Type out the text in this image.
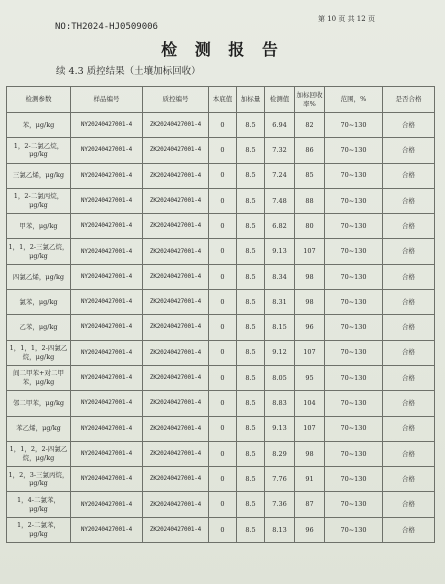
NO:TH2024-HJ0509006
第 10 页 共 12 页
检 测 报 告
续 4.3 质控结果（土壤加标回收）
检测参数	样品编号	质控编号	本底值	加标量	检测值	加标回收率%	范围，%	是否合格
苯，μg/kg	NY20240427001-4	ZK20240427001-4	0	8.5	6.94	82	70~130	合格
1，2-二氯乙烷，μg/kg	NY20240427001-4	ZK20240427001-4	0	8.5	7.32	86	70~130	合格
三氯乙烯，μg/kg	NY20240427001-4	ZK20240427001-4	0	8.5	7.24	85	70~130	合格
1，2-二氯丙烷，μg/kg	NY20240427001-4	ZK20240427001-4	0	8.5	7.48	88	70~130	合格
甲苯，μg/kg	NY20240427001-4	ZK20240427001-4	0	8.5	6.82	80	70~130	合格
1，1，2-三氯乙烷，μg/kg	NY20240427001-4	ZK20240427001-4	0	8.5	9.13	107	70~130	合格
四氯乙烯，μg/kg	NY20240427001-4	ZK20240427001-4	0	8.5	8.34	98	70~130	合格
氯苯，μg/kg	NY20240427001-4	ZK20240427001-4	0	8.5	8.31	98	70~130	合格
乙苯，μg/kg	NY20240427001-4	ZK20240427001-4	0	8.5	8.15	96	70~130	合格
1，1，1，2-四氯乙烷，μg/kg	NY20240427001-4	ZK20240427001-4	0	8.5	9.12	107	70~130	合格
间二甲苯+对二甲苯，μg/kg	NY20240427001-4	ZK20240427001-4	0	8.5	8.05	95	70~130	合格
邻二甲苯，μg/kg	NY20240427001-4	ZK20240427001-4	0	8.5	8.83	104	70~130	合格
苯乙烯，μg/kg	NY20240427001-4	ZK20240427001-4	0	8.5	9.13	107	70~130	合格
1，1，2，2-四氯乙烷，μg/kg	NY20240427001-4	ZK20240427001-4	0	8.5	8.29	98	70~130	合格
1，2，3-三氯丙烷，μg/kg	NY20240427001-4	ZK20240427001-4	0	8.5	7.76	91	70~130	合格
1，4-二氯苯，μg/kg	NY20240427001-4	ZK20240427001-4	0	8.5	7.36	87	70~130	合格
1，2-二氯苯，μg/kg	NY20240427001-4	ZK20240427001-4	0	8.5	8.13	96	70~130	合格
